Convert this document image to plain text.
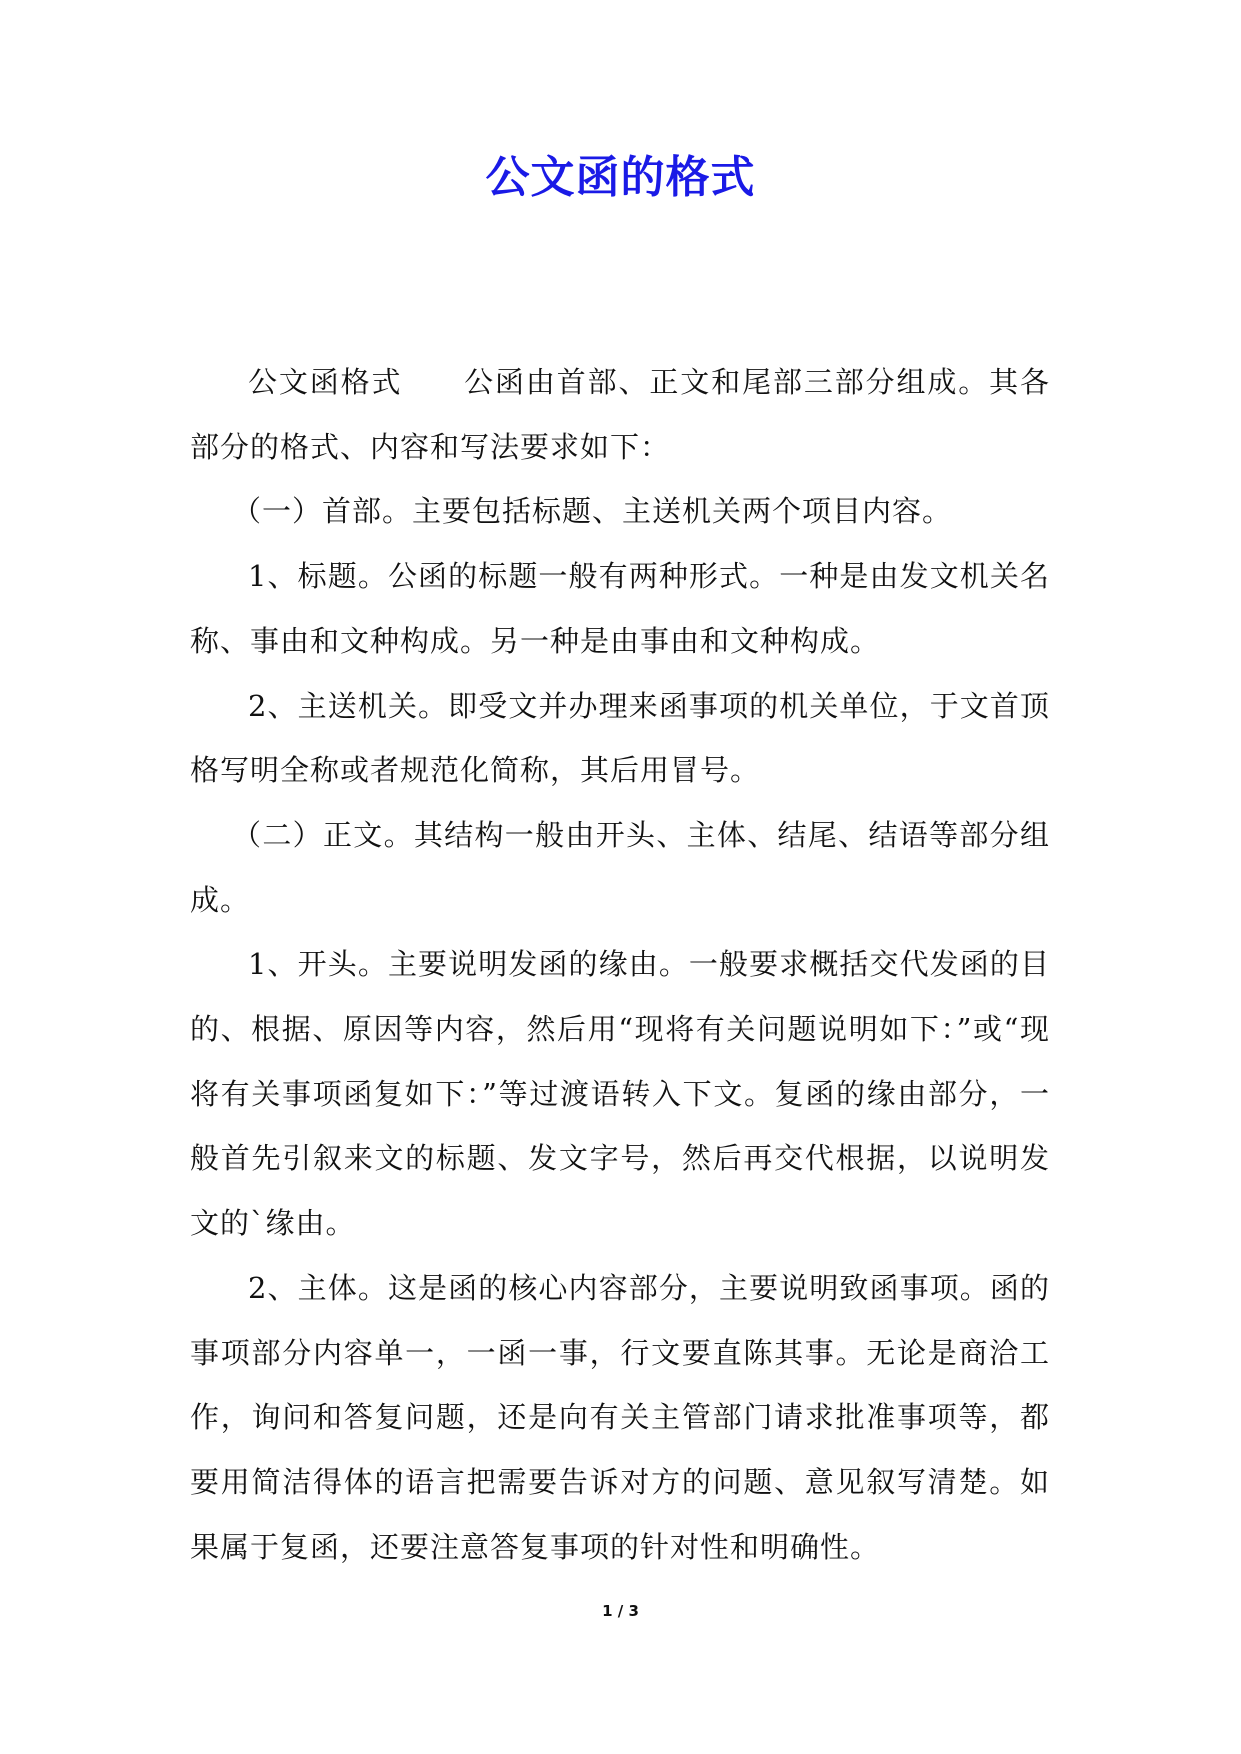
公文函的格式

公文函格式　　公函由首部、正文和尾部三部分组成。其各部分的格式、内容和写法要求如下：

（一）首部。主要包括标题、主送机关两个项目内容。

1、标题。公函的标题一般有两种形式。一种是由发文机关名称、事由和文种构成。另一种是由事由和文种构成。

2、主送机关。即受文并办理来函事项的机关单位，于文首顶格写明全称或者规范化简称，其后用冒号。

（二）正文。其结构一般由开头、主体、结尾、结语等部分组成。

1、开头。主要说明发函的缘由。一般要求概括交代发函的目的、根据、原因等内容，然后用“现将有关问题说明如下：”或“现将有关事项函复如下：”等过渡语转入下文。复函的缘由部分，一般首先引叙来文的标题、发文字号，然后再交代根据，以说明发文的`缘由。

2、主体。这是函的核心内容部分，主要说明致函事项。函的事项部分内容单一，一函一事，行文要直陈其事。无论是商洽工作，询问和答复问题，还是向有关主管部门请求批准事项等，都要用简洁得体的语言把需要告诉对方的问题、意见叙写清楚。如果属于复函，还要注意答复事项的针对性和明确性。

1 / 3
